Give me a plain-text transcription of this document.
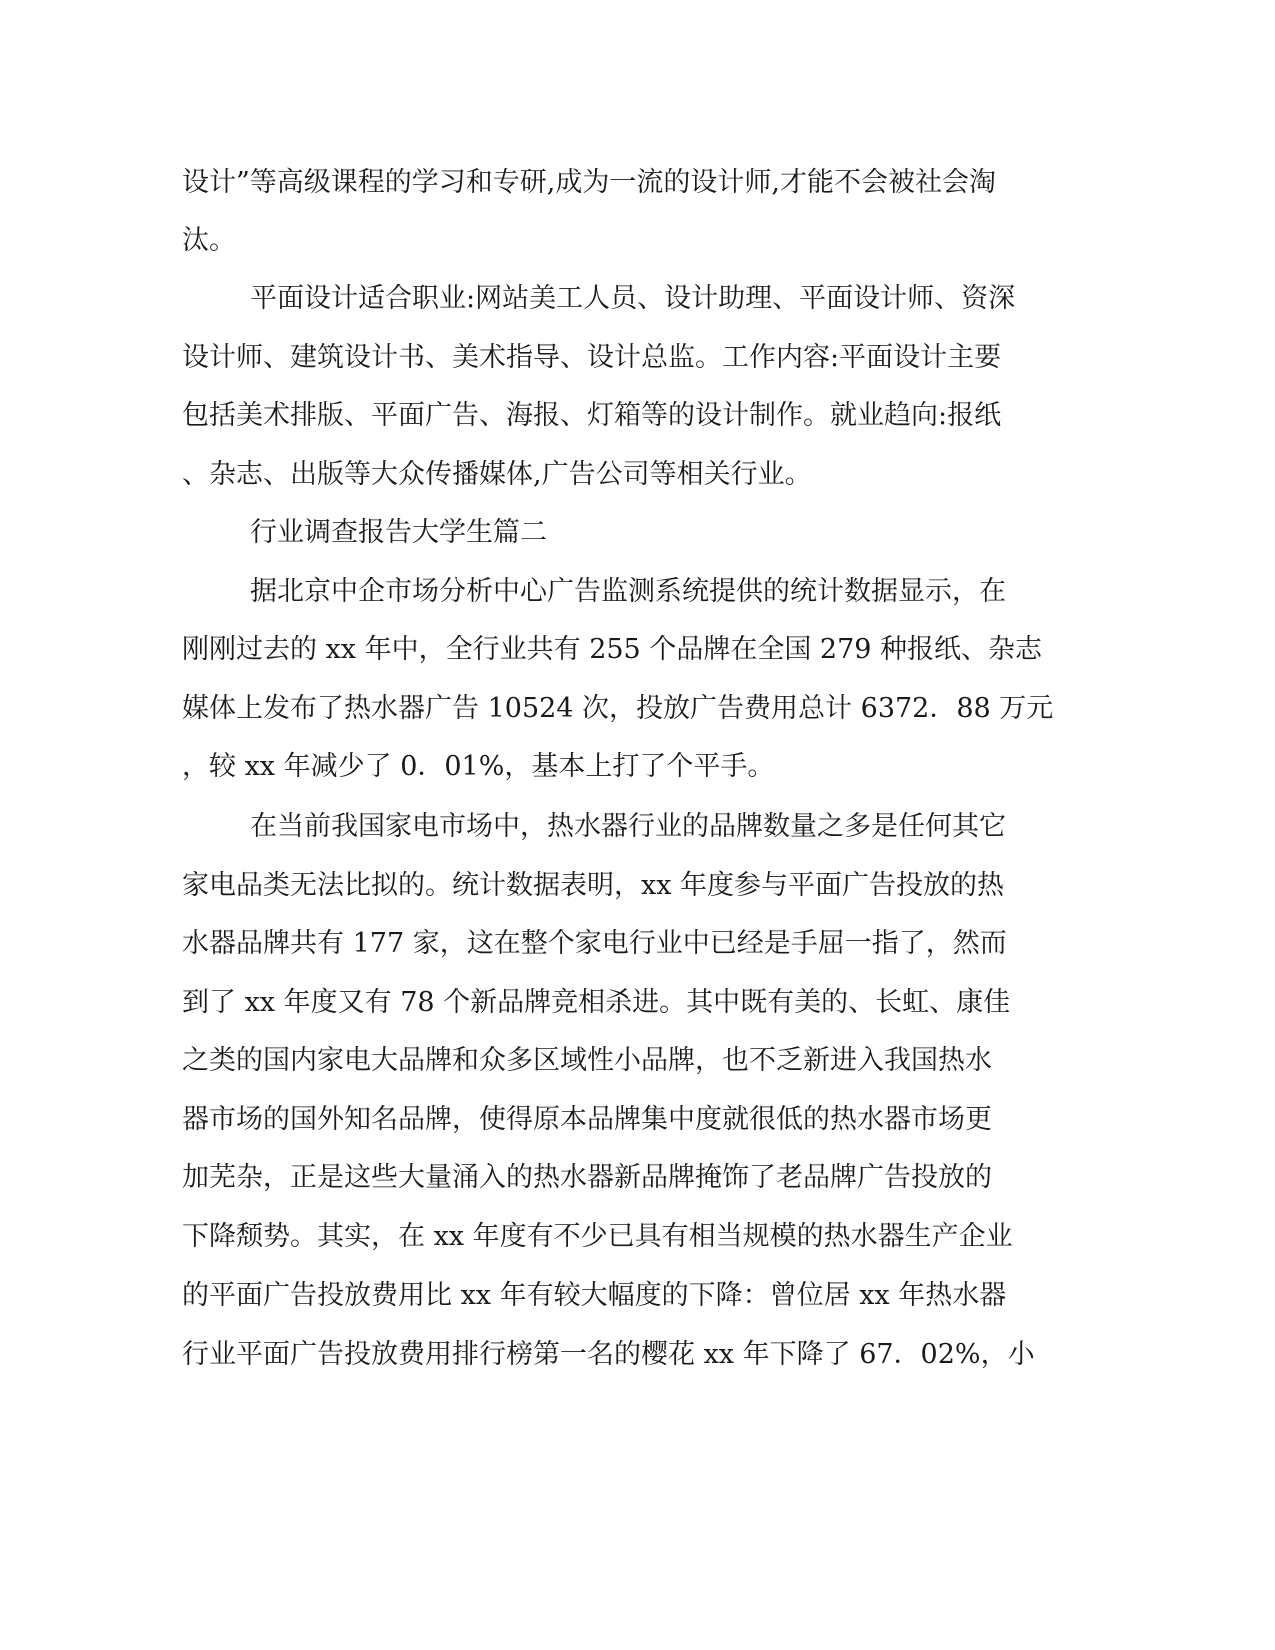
设计”等高级课程的学习和专研,成为一流的设计师,才能不会被社会淘

汰。

平面设计适合职业:网站美工人员、设计助理、平面设计师、资深

设计师、建筑设计书、美术指导、设计总监。工作内容:平面设计主要

包括美术排版、平面广告、海报、灯箱等的设计制作。就业趋向:报纸

、杂志、出版等大众传播媒体,广告公司等相关行业。

行业调查报告大学生篇二

据北京中企市场分析中心广告监测系统提供的统计数据显示，在

刚刚过去的 xx 年中，全行业共有 255 个品牌在全国 279 种报纸、杂志

媒体上发布了热水器广告 10524 次，投放广告费用总计 6372．88 万元

，较 xx 年减少了 0．01%，基本上打了个平手。

在当前我国家电市场中，热水器行业的品牌数量之多是任何其它

家电品类无法比拟的。统计数据表明，xx 年度参与平面广告投放的热

水器品牌共有 177 家，这在整个家电行业中已经是手屈一指了，然而

到了 xx 年度又有 78 个新品牌竞相杀进。其中既有美的、长虹、康佳

之类的国内家电大品牌和众多区域性小品牌，也不乏新进入我国热水

器市场的国外知名品牌，使得原本品牌集中度就很低的热水器市场更

加芜杂，正是这些大量涌入的热水器新品牌掩饰了老品牌广告投放的

下降颓势。其实，在 xx 年度有不少已具有相当规模的热水器生产企业

的平面广告投放费用比 xx 年有较大幅度的下降：曾位居 xx 年热水器

行业平面广告投放费用排行榜第一名的樱花 xx 年下降了 67．02%，小
